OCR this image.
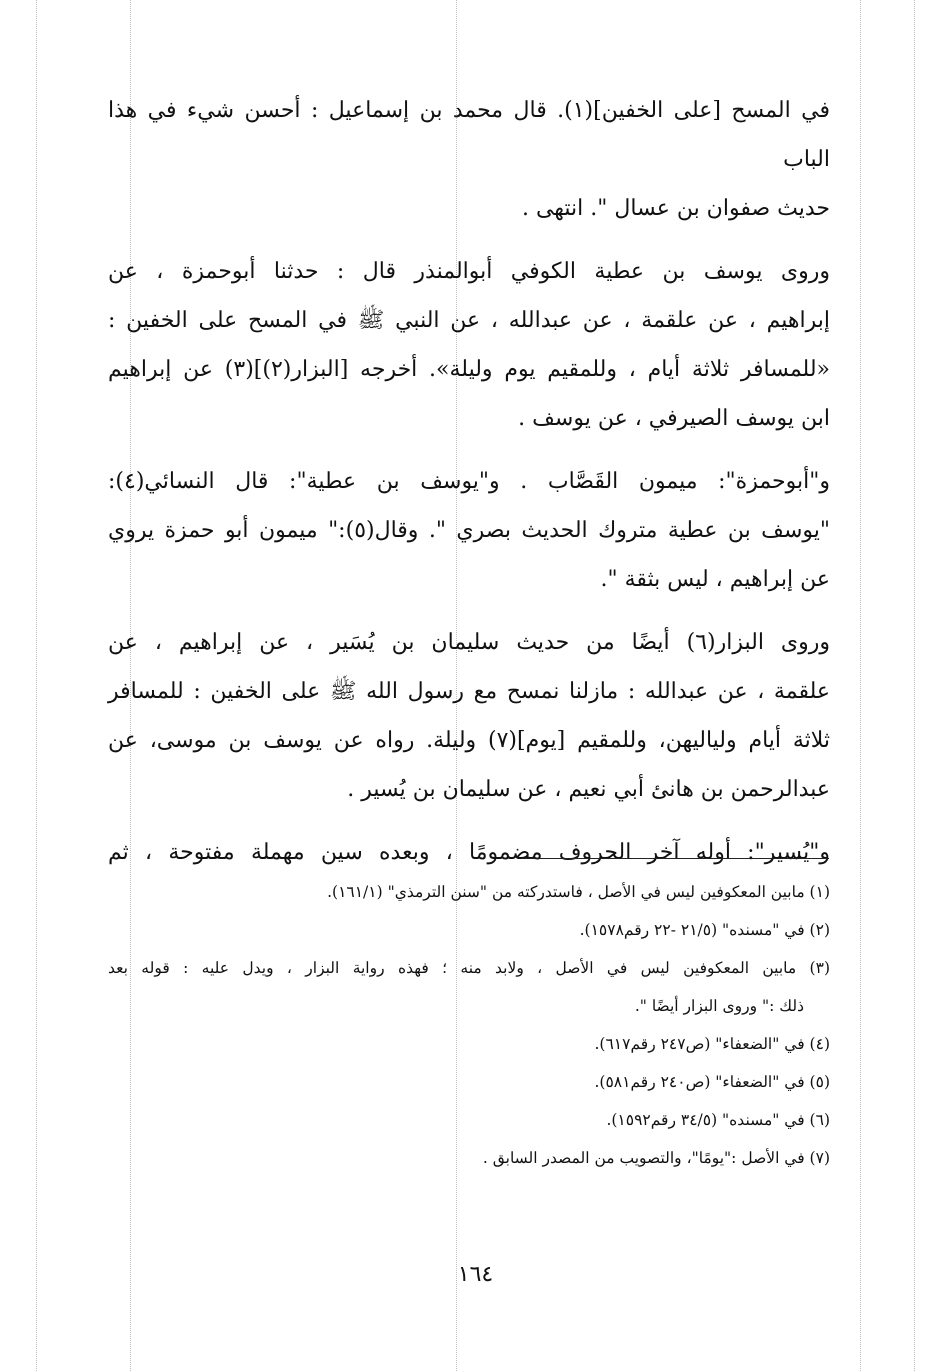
في المسح [على الخفين](١). قال محمد بن إسماعيل : أحسن شيء في هذا الباب
حديث صفوان بن عسال ". انتهى .

وروى يوسف بن عطية الكوفي أبوالمنذر قال : حدثنا أبوحمزة ، عن
إبراهيم ، عن علقمة ، عن عبدالله ، عن النبي ﷺ في المسح على الخفين :
«للمسافر ثلاثة أيام ، وللمقيم يوم وليلة». أخرجه [البزار(٢)](٣) عن إبراهيم
ابن يوسف الصيرفي ، عن يوسف .

و"أبوحمزة": ميمون القَصَّاب . و"يوسف بن عطية": قال النسائي(٤):
"يوسف بن عطية متروك الحديث بصري ". وقال(٥):" ميمون أبو حمزة يروي
عن إبراهيم ، ليس بثقة ".

وروى البزار(٦) أيضًا من حديث سليمان بن يُسَير ، عن إبراهيم ، عن
علقمة ، عن عبدالله : مازلنا نمسح مع رسول الله ﷺ على الخفين : للمسافر
ثلاثة أيام ولياليهن، وللمقيم [يوم](٧) وليلة. رواه عن يوسف بن موسى، عن
عبدالرحمن بن هانئ أبي نعيم ، عن سليمان بن يُسير .

و"يُسير": أوله آخر الحروف مضمومًا ، وبعده سين مهملة مفتوحة ، ثم

(١) مابين المعكوفين ليس في الأصل ، فاستدركته من "سنن الترمذي" (١٦١/١).
(٢) في "مسنده" (٢١/٥ -٢٢ رقم١٥٧٨).
(٣) مابين المعكوفين ليس في الأصل ، ولابد منه ؛ فهذه رواية البزار ، ويدل عليه : قوله بعد
ذلك :" وروى البزار أيضًا ".
(٤) في "الضعفاء" (ص٢٤٧ رقم٦١٧).
(٥) في "الضعفاء" (ص٢٤٠ رقم٥٨١).
(٦) في "مسنده" (٣٤/٥ رقم١٥٩٢).
(٧) في الأصل :"يومًا"، والتصويب من المصدر السابق .
١٦٤
